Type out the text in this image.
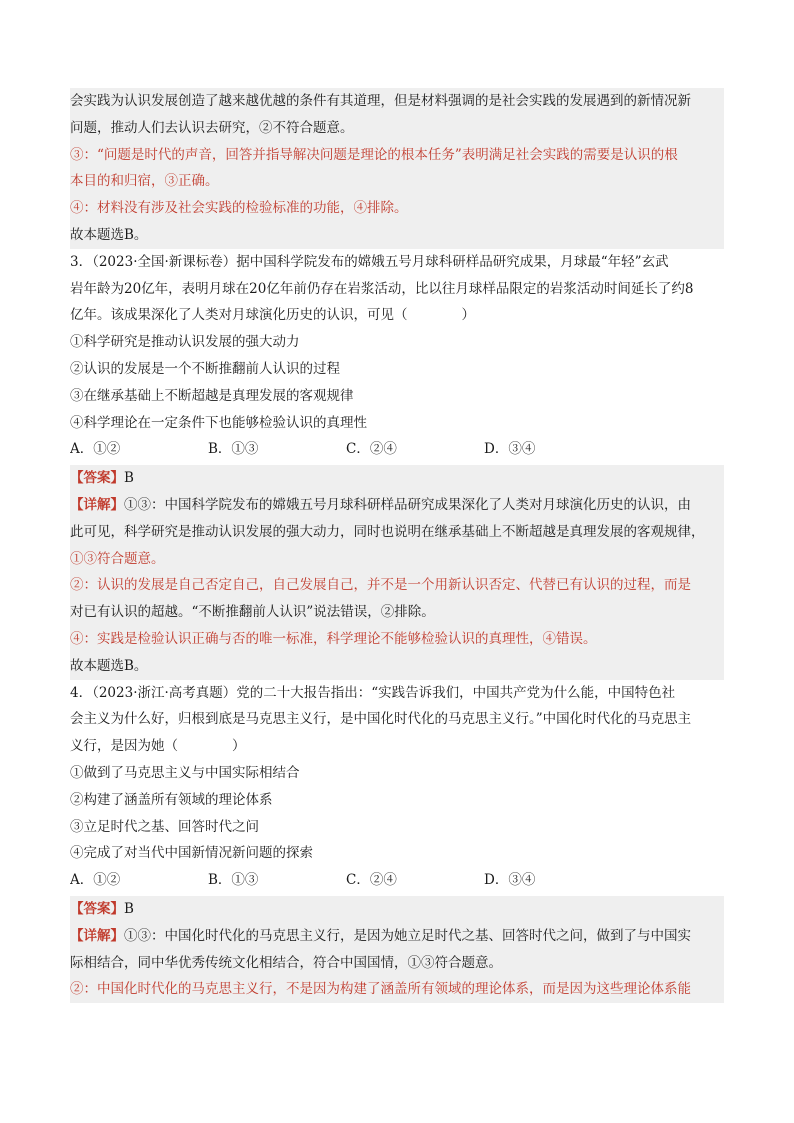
会实践为认识发展创造了越来越优越的条件有其道理，但是材料强调的是社会实践的发展遇到的新情况新
问题，推动人们去认识去研究，②不符合题意。
③：“问题是时代的声音，回答并指导解决问题是理论的根本任务”表明满足社会实践的需要是认识的根
本目的和归宿，③正确。
④：材料没有涉及社会实践的检验标准的功能，④排除。
故本题选B。
3．（2023·全国·新课标卷）据中国科学院发布的嫦娥五号月球科研样品研究成果，月球最“年轻”玄武
岩年龄为20亿年，表明月球在20亿年前仍存在岩浆活动，比以往月球样品限定的岩浆活动时间延长了约8
亿年。该成果深化了人类对月球演化历史的认识，可见（　　　　）
①科学研究是推动认识发展的强大动力
②认识的发展是一个不断推翻前人认识的过程
③在继承基础上不断超越是真理发展的客观规律
④科学理论在一定条件下也能够检验认识的真理性
A．①②	B．①③	C．②④	D．③④
【答案】B
【详解】①③：中国科学院发布的嫦娥五号月球科研样品研究成果深化了人类对月球演化历史的认识，由
此可见，科学研究是推动认识发展的强大动力，同时也说明在继承基础上不断超越是真理发展的客观规律，
①③符合题意。
②：认识的发展是自己否定自己，自己发展自己，并不是一个用新认识否定、代替已有认识的过程，而是
对已有认识的超越。“不断推翻前人认识”说法错误，②排除。
④：实践是检验认识正确与否的唯一标准，科学理论不能够检验认识的真理性，④错误。
故本题选B。
4．（2023·浙江·高考真题）党的二十大报告指出：“实践告诉我们，中国共产党为什么能，中国特色社
会主义为什么好，归根到底是马克思主义行，是中国化时代化的马克思主义行。”中国化时代化的马克思主
义行，是因为她（　　　　）
①做到了马克思主义与中国实际相结合
②构建了涵盖所有领域的理论体系
③立足时代之基、回答时代之问
④完成了对当代中国新情况新问题的探索
A．①②	B．①③	C．②④	D．③④
【答案】B
【详解】①③：中国化时代化的马克思主义行，是因为她立足时代之基、回答时代之问，做到了与中国实
际相结合，同中华优秀传统文化相结合，符合中国国情，①③符合题意。
②：中国化时代化的马克思主义行，不是因为构建了涵盖所有领域的理论体系，而是因为这些理论体系能
